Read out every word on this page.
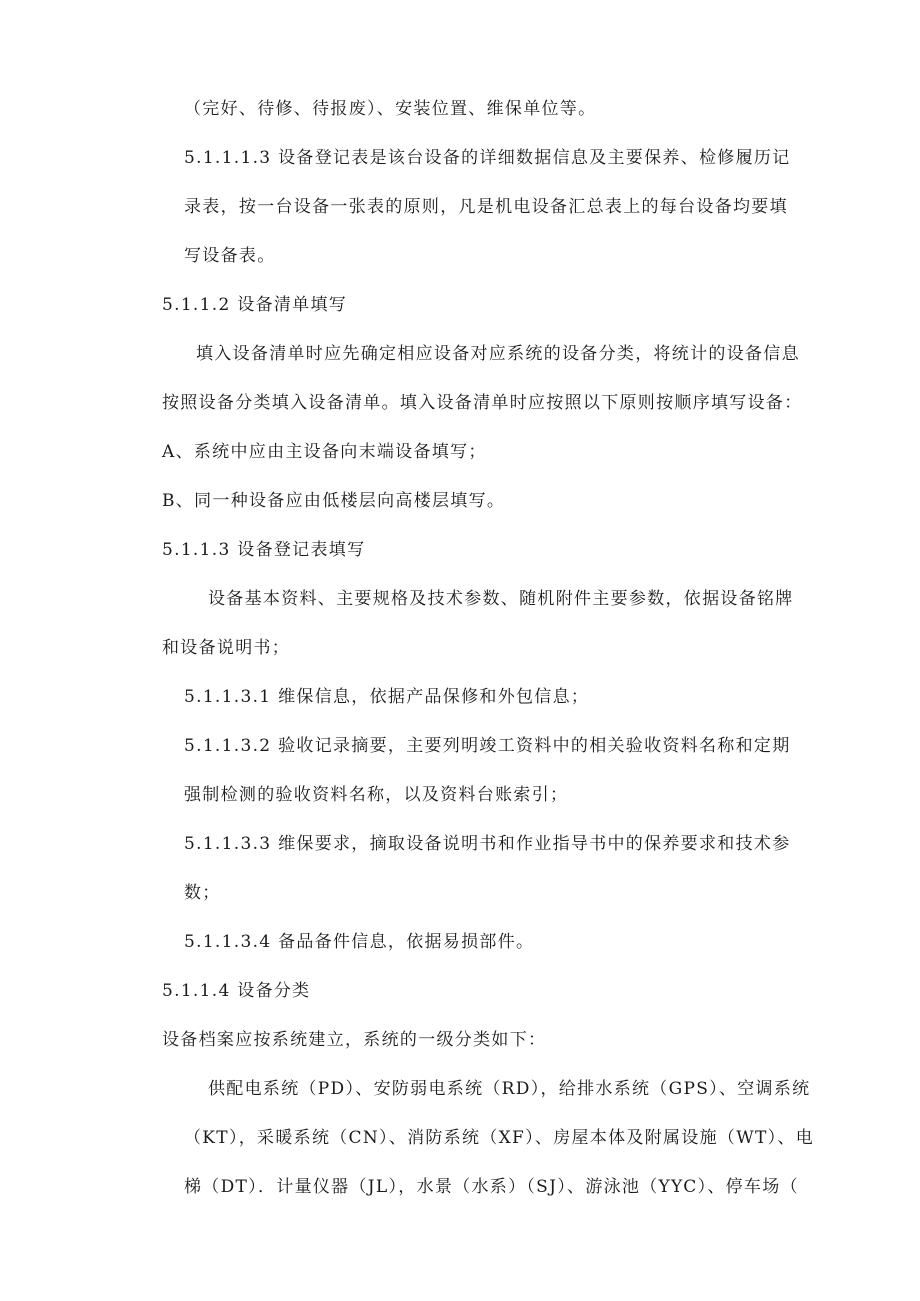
（完好、待修、待报废）、安装位置、维保单位等。
5.1.1.1.3 设备登记表是该台设备的详细数据信息及主要保养、检修履历记
录表，按一台设备一张表的原则，凡是机电设备汇总表上的每台设备均要填
写设备表。
5.1.1.2 设备清单填写
填入设备清单时应先确定相应设备对应系统的设备分类，将统计的设备信息
按照设备分类填入设备清单。填入设备清单时应按照以下原则按顺序填写设备：
A、系统中应由主设备向末端设备填写；
B、同一种设备应由低楼层向高楼层填写。
5.1.1.3 设备登记表填写
设备基本资料、主要规格及技术参数、随机附件主要参数，依据设备铭牌
和设备说明书；
5.1.1.3.1 维保信息，依据产品保修和外包信息；
5.1.1.3.2 验收记录摘要，主要列明竣工资料中的相关验收资料名称和定期
强制检测的验收资料名称，以及资料台账索引；
5.1.1.3.3 维保要求，摘取设备说明书和作业指导书中的保养要求和技术参
数；
5.1.1.3.4 备品备件信息，依据易损部件。
5.1.1.4 设备分类
设备档案应按系统建立，系统的一级分类如下：
供配电系统（PD）、安防弱电系统（RD），给排水系统（GPS）、空调系统
（KT），采暖系统（CN）、消防系统（XF）、房屋本体及附属设施（WT）、电
梯（DT）．计量仪器（JL），水景（水系）（SJ）、游泳池（YYC）、停车场（
